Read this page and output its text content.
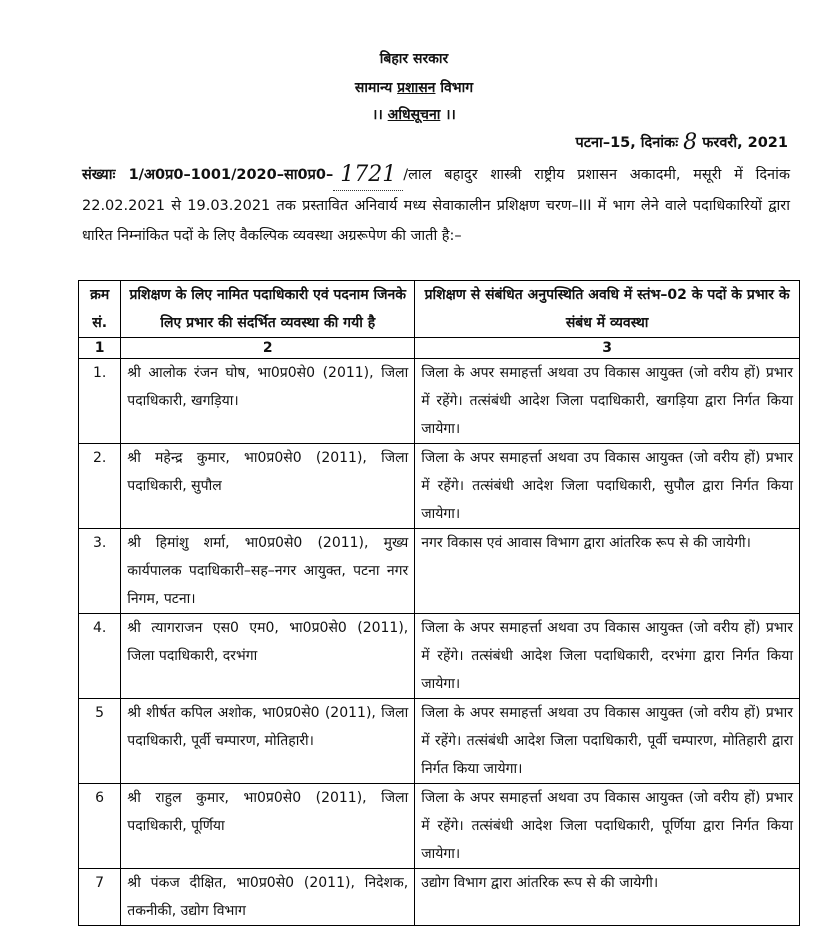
बिहार सरकार
सामान्य प्रशासन विभाग
।। अधिसूचना ।।
पटना–15, दिनांकः 8 फरवरी, 2021
संख्याः 1/अ0प्र0–1001/2020–सा0प्र0– 1721 /लाल बहादुर शास्त्री राष्ट्रीय प्रशासन अकादमी, मसूरी में दिनांक 22.02.2021 से 19.03.2021 तक प्रस्तावित अनिवार्य मध्य सेवाकालीन प्रशिक्षण चरण–III में भाग लेने वाले पदाधिकारियों द्वारा धारित निम्नांकित पदों के लिए वैकल्पिक व्यवस्था अग्ररूपेण की जाती है:–
क्रम सं.	प्रशिक्षण के लिए नामित पदाधिकारी एवं पदनाम जिनके लिए प्रभार की संदर्भित व्यवस्था की गयी है	प्रशिक्षण से संबंधित अनुपस्थिति अवधि में स्तंभ–02 के पदों के प्रभार के संबंध में व्यवस्था
1	2	3
1.	श्री आलोक रंजन घोष, भा0प्र0से0 (2011), जिला पदाधिकारी, खगड़िया।	जिला के अपर समाहर्त्ता अथवा उप विकास आयुक्त (जो वरीय हों) प्रभार में रहेंगे। तत्संबंधी आदेश जिला पदाधिकारी, खगड़िया द्वारा निर्गत किया जायेगा।
2.	श्री महेन्द्र कुमार, भा0प्र0से0 (2011), जिला पदाधिकारी, सुपौल	जिला के अपर समाहर्त्ता अथवा उप विकास आयुक्त (जो वरीय हों) प्रभार में रहेंगे। तत्संबंधी आदेश जिला पदाधिकारी, सुपौल द्वारा निर्गत किया जायेगा।
3.	श्री हिमांशु शर्मा, भा0प्र0से0 (2011), मुख्य कार्यपालक पदाधिकारी–सह–नगर आयुक्त, पटना नगर निगम, पटना।	नगर विकास एवं आवास विभाग द्वारा आंतरिक रूप से की जायेगी।
4.	श्री त्यागराजन एस0 एम0, भा0प्र0से0 (2011), जिला पदाधिकारी, दरभंगा	जिला के अपर समाहर्त्ता अथवा उप विकास आयुक्त (जो वरीय हों) प्रभार में रहेंगे। तत्संबंधी आदेश जिला पदाधिकारी, दरभंगा द्वारा निर्गत किया जायेगा।
5	श्री शीर्षत कपिल अशोक, भा0प्र0से0 (2011), जिला पदाधिकारी, पूर्वी चम्पारण, मोतिहारी।	जिला के अपर समाहर्त्ता अथवा उप विकास आयुक्त (जो वरीय हों) प्रभार में रहेंगे। तत्संबंधी आदेश जिला पदाधिकारी, पूर्वी चम्पारण, मोतिहारी द्वारा निर्गत किया जायेगा।
6	श्री राहुल कुमार, भा0प्र0से0 (2011), जिला पदाधिकारी, पूर्णिया	जिला के अपर समाहर्त्ता अथवा उप विकास आयुक्त (जो वरीय हों) प्रभार में रहेंगे। तत्संबंधी आदेश जिला पदाधिकारी, पूर्णिया द्वारा निर्गत किया जायेगा।
7	श्री पंकज दीक्षित, भा0प्र0से0 (2011), निदेशक, तकनीकी, उद्योग विभाग	उद्योग विभाग द्वारा आंतरिक रूप से की जायेगी।
